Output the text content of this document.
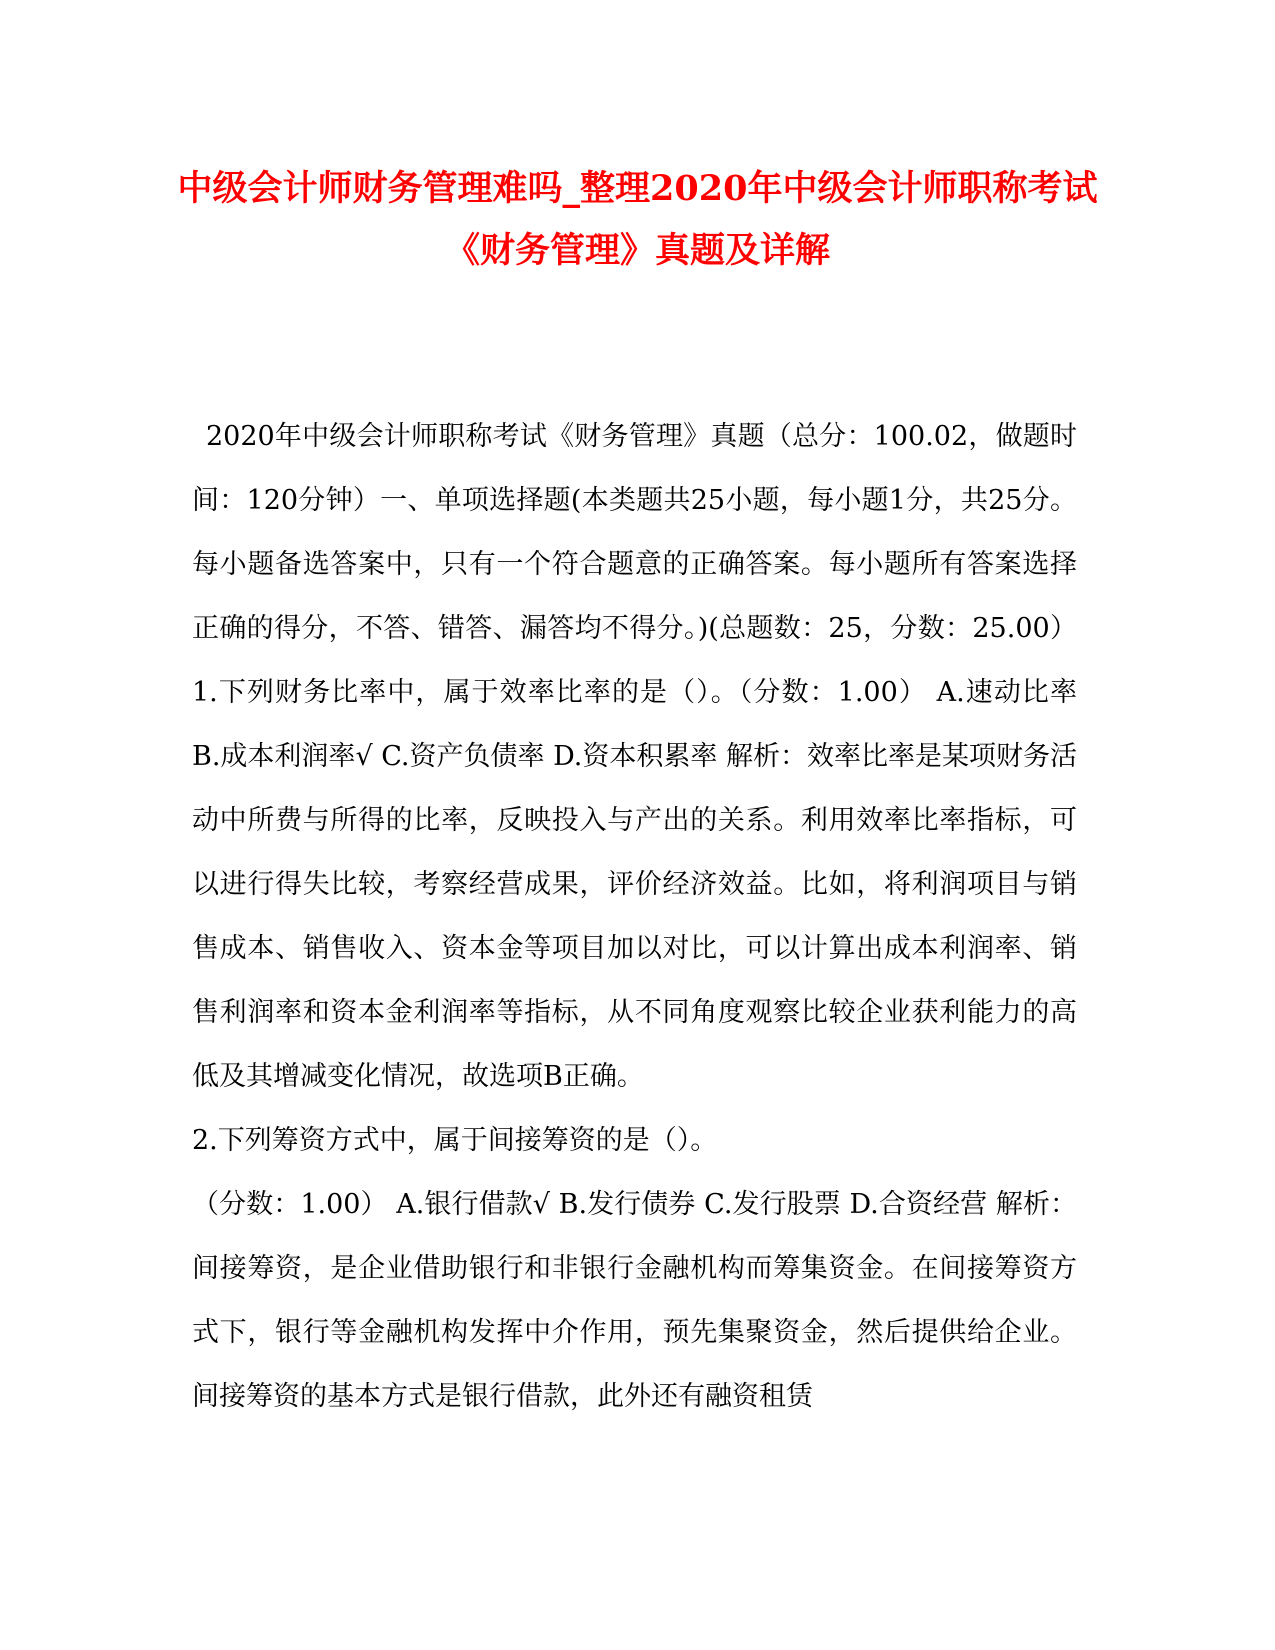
中级会计师财务管理难吗_整理2020年中级会计师职称考试《财务管理》真题及详解

2020年中级会计师职称考试《财务管理》真题（总分：100.02，做题时间：120分钟）一、单项选择题(本类题共25小题，每小题1分，共25分。每小题备选答案中，只有一个符合题意的正确答案。每小题所有答案选择正确的得分，不答、错答、漏答均不得分。)(总题数：25，分数：25.00）1.下列财务比率中，属于效率比率的是（）。（分数：1.00） A.速动比率 B.成本利润率√ C.资产负债率 D.资本积累率 解析：效率比率是某项财务活动中所费与所得的比率，反映投入与产出的关系。利用效率比率指标，可以进行得失比较，考察经营成果，评价经济效益。比如，将利润项目与销售成本、销售收入、资本金等项目加以对比，可以计算出成本利润率、销售利润率和资本金利润率等指标，从不同角度观察比较企业获利能力的高低及其增减变化情况，故选项B正确。

2.下列筹资方式中，属于间接筹资的是（）。

（分数：1.00） A.银行借款√ B.发行债券 C.发行股票 D.合资经营 解析：间接筹资，是企业借助银行和非银行金融机构而筹集资金。在间接筹资方式下，银行等金融机构发挥中介作用，预先集聚资金，然后提供给企业。间接筹资的基本方式是银行借款，此外还有融资租赁
